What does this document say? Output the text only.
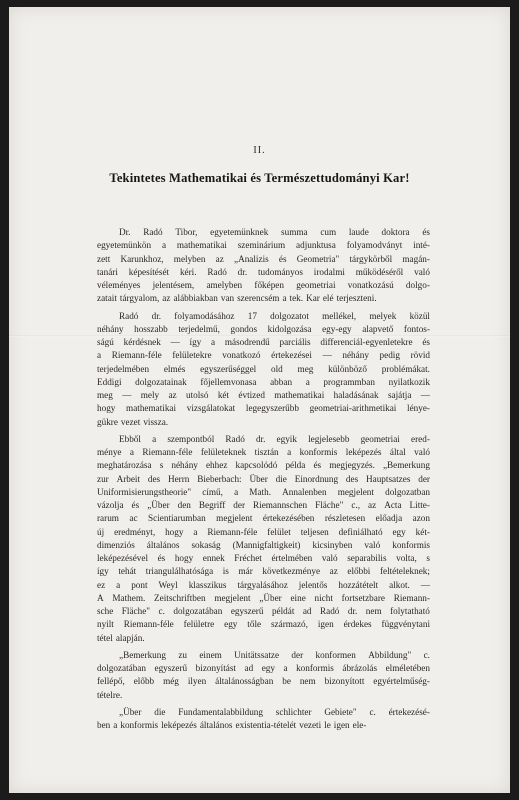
II.
Tekintetes Mathematikai és Természettudományi Kar!
Dr. Radó Tibor, egyetemünknek summa cum laude doktora és
egyetemünkön a mathematikai szeminárium adjunktusa folyamodványt inté-
zett Karunkhoz, melyben az „Analizis és Geometria" tárgykörből magán-
tanári képesítését kéri. Radó dr. tudományos irodalmi működéséről való
véleményes jelentésem, amelyben főképen geometriai vonatkozású dolgo-
zatait tárgyalom, az alábbiakban van szerencsém a tek. Kar elé terjeszteni.
Radó dr. folyamodásához 17 dolgozatot mellékel, melyek közül
néhány hosszabb terjedelmű, gondos kidolgozása egy-egy alapvető fontos-
ságú kérdésnek — így a másodrendű parciális differenciál-egyenletekre és
a Riemann-féle felületekre vonatkozó értekezései — néhány pedig rövid
terjedelmében elmés egyszerűséggel old meg különböző problémákat.
Eddigi dolgozatainak főjellemvonasa abban a programmban nyilatkozik
meg — mely az utolsó két évtized mathematikai haladásának sajátja —
hogy mathematikai vizsgálatokat legegyszerűbb geometriai-arithmetikai lénye-
gükre vezet vissza.
Ebből a szempontból Radó dr. egyik legjelesebb geometriai ered-
ménye a Riemann-féle felületeknek tisztán a konformis leképezés által való
meghatározása s néhány ehhez kapcsolódó példa és megjegyzés. „Bemerkung
zur Arbeit des Herrn Bieberbach: Über die Einordnung des Hauptsatzes der
Uniformisierungstheorie" című, a Math. Annalenben megjelent dolgozatban
vázolja és „Über den Begriff der Riemannschen Fläche" c., az Acta Litte-
rarum ac Scientiarumban megjelent értekezésében részletesen előadja azon
új eredményt, hogy a Riemann-féle felület teljesen definiálható egy két-
dimenziós általános sokaság (Mannigfaltigkeit) kicsinyben való konformis
leképezésével és hogy ennek Fréchet értelmében való separabilis volta, s
így tehát triangulálhatósága is már következménye az előbbi feltételeknek;
ez a pont Weyl klasszikus tárgyalásához jelentős hozzátételt alkot. —
A Mathem. Zeitschriftben megjelent „Über eine nicht fortsetzbare Riemann-
sche Fläche" c. dolgozatában egyszerű példát ad Radó dr. nem folytatható
nyilt Riemann-féle felületre egy tőle származó, igen érdekes függvénytani
tétel alapján.
„Bemerkung zu einem Unitätssatze der konformen Abbildung" c.
dolgozatában egyszerű bizonyítást ad egy a konformis ábrázolás elméletében
fellépő, előbb még ilyen általánosságban be nem bizonyított egyértelműség-
tételre.
„Über die Fundamentalabbildung schlichter Gebiete" c. értekezésé-
ben a konformis leképezés általános existentia-tételét vezeti le igen ele-
